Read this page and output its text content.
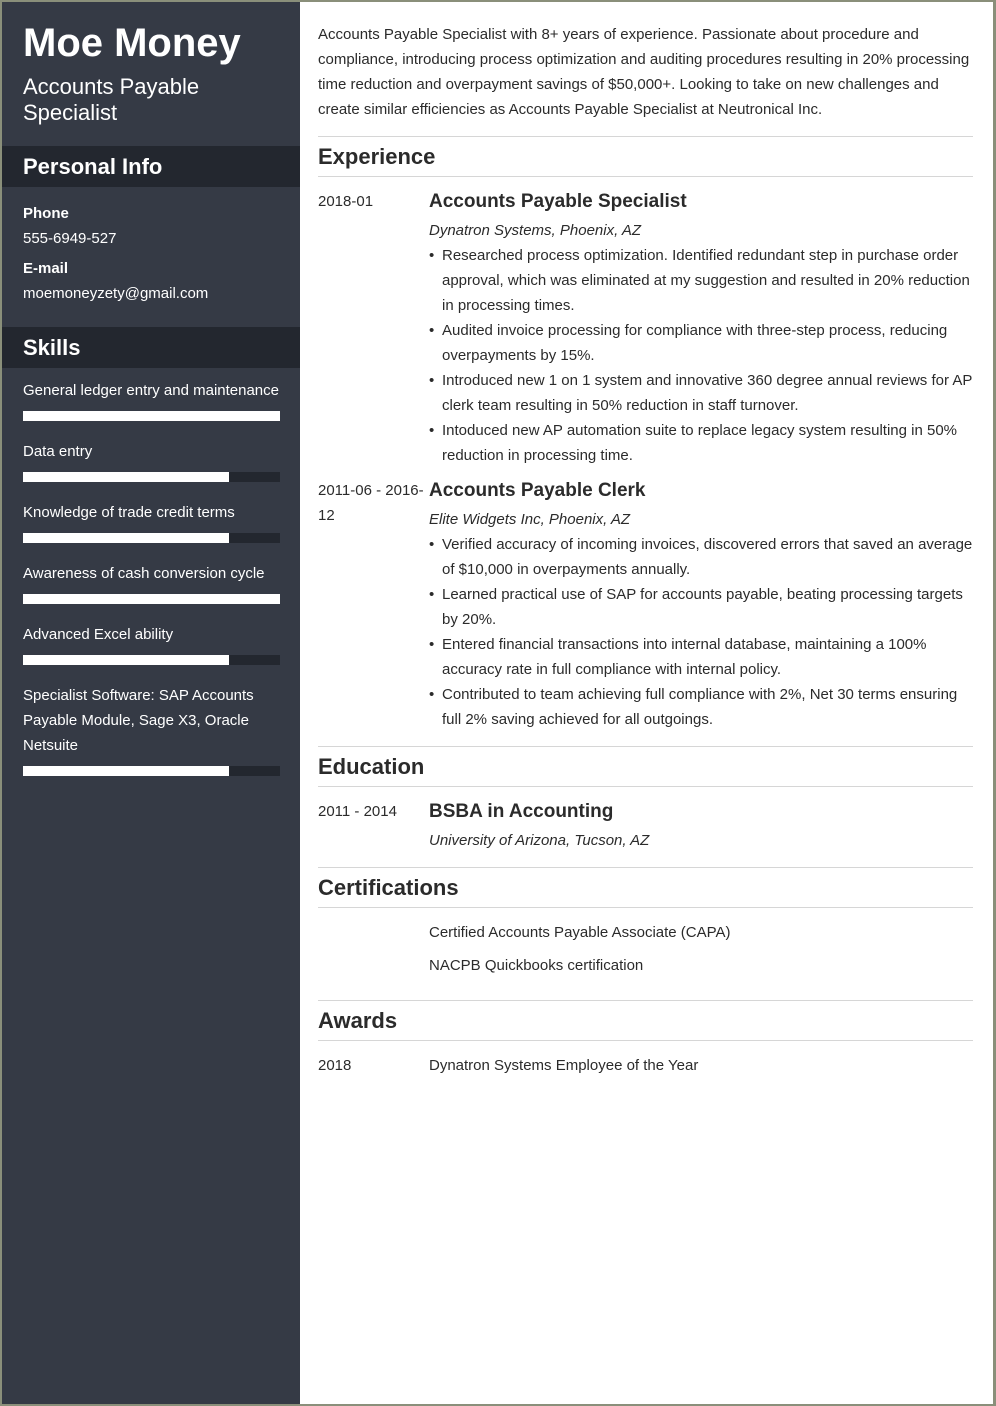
Moe Money
Accounts Payable Specialist
Personal Info
Phone
555-6949-527
E-mail
moemoneyzety@gmail.com
Skills
General ledger entry and maintenance
Data entry
Knowledge of trade credit terms
Awareness of cash conversion cycle
Advanced Excel ability
Specialist Software: SAP Accounts Payable Module, Sage X3, Oracle Netsuite

Accounts Payable Specialist with 8+ years of experience. Passionate about procedure and compliance, introducing process optimization and auditing procedures resulting in 20% processing time reduction and overpayment savings of $50,000+. Looking to take on new challenges and create similar efficiencies as Accounts Payable Specialist at Neutronical Inc.

Experience
2018-01	Accounts Payable Specialist
Dynatron Systems, Phoenix, AZ
• Researched process optimization. Identified redundant step in purchase order approval, which was eliminated at my suggestion and resulted in 20% reduction in processing times.
• Audited invoice processing for compliance with three-step process, reducing overpayments by 15%.
• Introduced new 1 on 1 system and innovative 360 degree annual reviews for AP clerk team resulting in 50% reduction in staff turnover.
• Intoduced new AP automation suite to replace legacy system resulting in 50% reduction in processing time.
2011-06 - 2016-12
Accounts Payable Clerk
Elite Widgets Inc, Phoenix, AZ
• Verified accuracy of incoming invoices, discovered errors that saved an average of $10,000 in overpayments annually.
• Learned practical use of SAP for accounts payable, beating processing targets by 20%.
• Entered financial transactions into internal database, maintaining a 100% accuracy rate in full compliance with internal policy.
• Contributed to team achieving full compliance with 2%, Net 30 terms ensuring full 2% saving achieved for all outgoings.
Education
2011 - 2014 BSBA in Accounting
University of Arizona, Tucson, AZ
Certifications
Certified Accounts Payable Associate (CAPA)
NACPB Quickbooks certification
Awards
2018	Dynatron Systems Employee of the Year
